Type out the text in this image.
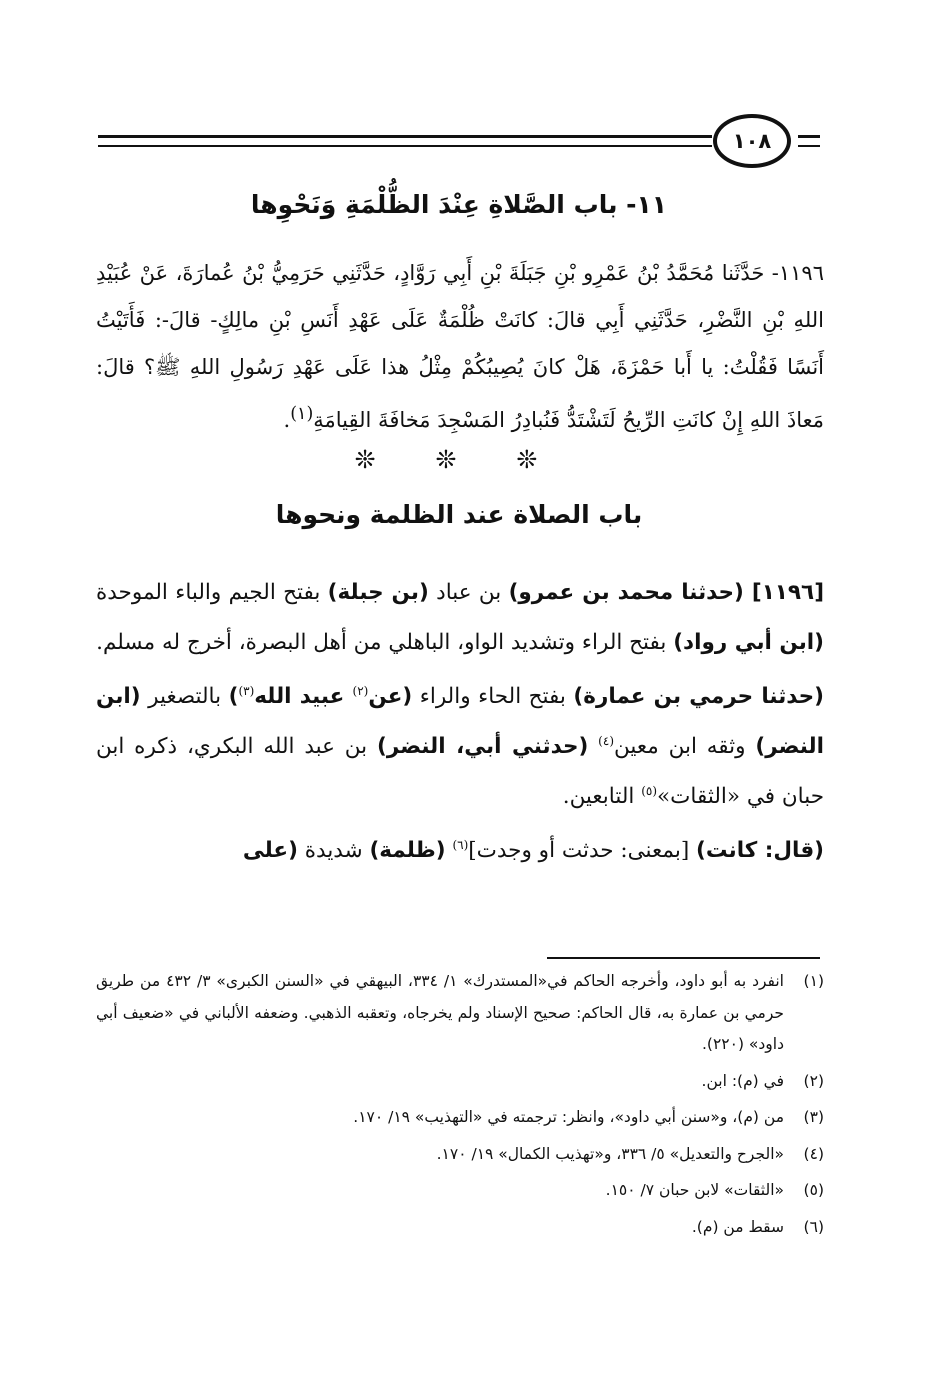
١٠٨
١١- باب الصَّلاةِ عِنْدَ الظُّلْمَةِ وَنَحْوِها

١١٩٦- حَدَّثَنا مُحَمَّدُ بْنُ عَمْرِو بْنِ جَبَلَةَ بْنِ أَبِي رَوَّادٍ، حَدَّثَنِي حَرَمِيُّ بْنُ عُمارَةَ، عَنْ عُبَيْدِ اللهِ بْنِ النَّضْرِ، حَدَّثَنِي أَبِي قالَ: كانَتْ ظُلْمَةٌ عَلَى عَهْدِ أَنَسِ بْنِ مالِكٍ- قالَ-: فَأَتَيْتُ أَنَسًا فَقُلْتُ: يا أَبا حَمْزَةَ، هَلْ كانَ يُصِيبُكُمْ مِثْلُ هذا عَلَى عَهْدِ رَسُولِ اللهِ ﷺ؟ قالَ: مَعاذَ اللهِ إِنْ كانَتِ الرِّيحُ لَتَشْتَدُّ فَنُبادِرُ المَسْجِدَ مَخافَةَ القِيامَةِ$^{(١)}$.

❊ ❊ ❊
باب الصلاة عند الظلمة ونحوها

[١١٩٦] (حدثنا محمد بن عمرو) بن عباد (بن جبلة) بفتح الجيم والباء الموحدة (ابن أبي رواد) بفتح الراء وتشديد الواو، الباهلي من أهل البصرة، أخرج له مسلم.

(حدثنا حرمي بن عمارة) بفتح الحاء والراء (عن$^{(٢)}$ عبيد الله$^{(٣)}$) بالتصغير (ابن النضر) وثقه ابن معين$^{(٤)}$ (حدثني أبي، النضر) بن عبد الله البكري، ذكره ابن حبان في «الثقات»$^{(٥)}$ التابعين.

(قال: كانت) [بمعنى: حدثت أو وجدت]$^{(٦)}$ (ظلمة) شديدة (على

(١)
انفرد به أبو داود، وأخرجه الحاكم في«المستدرك» ١/ ٣٣٤، البيهقي في «السنن الكبرى» ٣/ ٤٣٢ من طريق حرمي بن عمارة به، قال الحاكم: صحيح الإسناد ولم يخرجاه، وتعقبه الذهبي. وضعفه الألباني في «ضعيف أبي داود» (٢٢٠).
(٢)
في (م): ابن.
(٣)
من (م)، و«سنن أبي داود»، وانظر: ترجمته في «التهذيب» ١٩/ ١٧٠.
(٤)
«الجرح والتعديل» ٥/ ٣٣٦، و«تهذيب الكمال» ١٩/ ١٧٠.
(٥)
«الثقات» لابن حبان ٧/ ١٥٠.
(٦)
سقط من (م).
